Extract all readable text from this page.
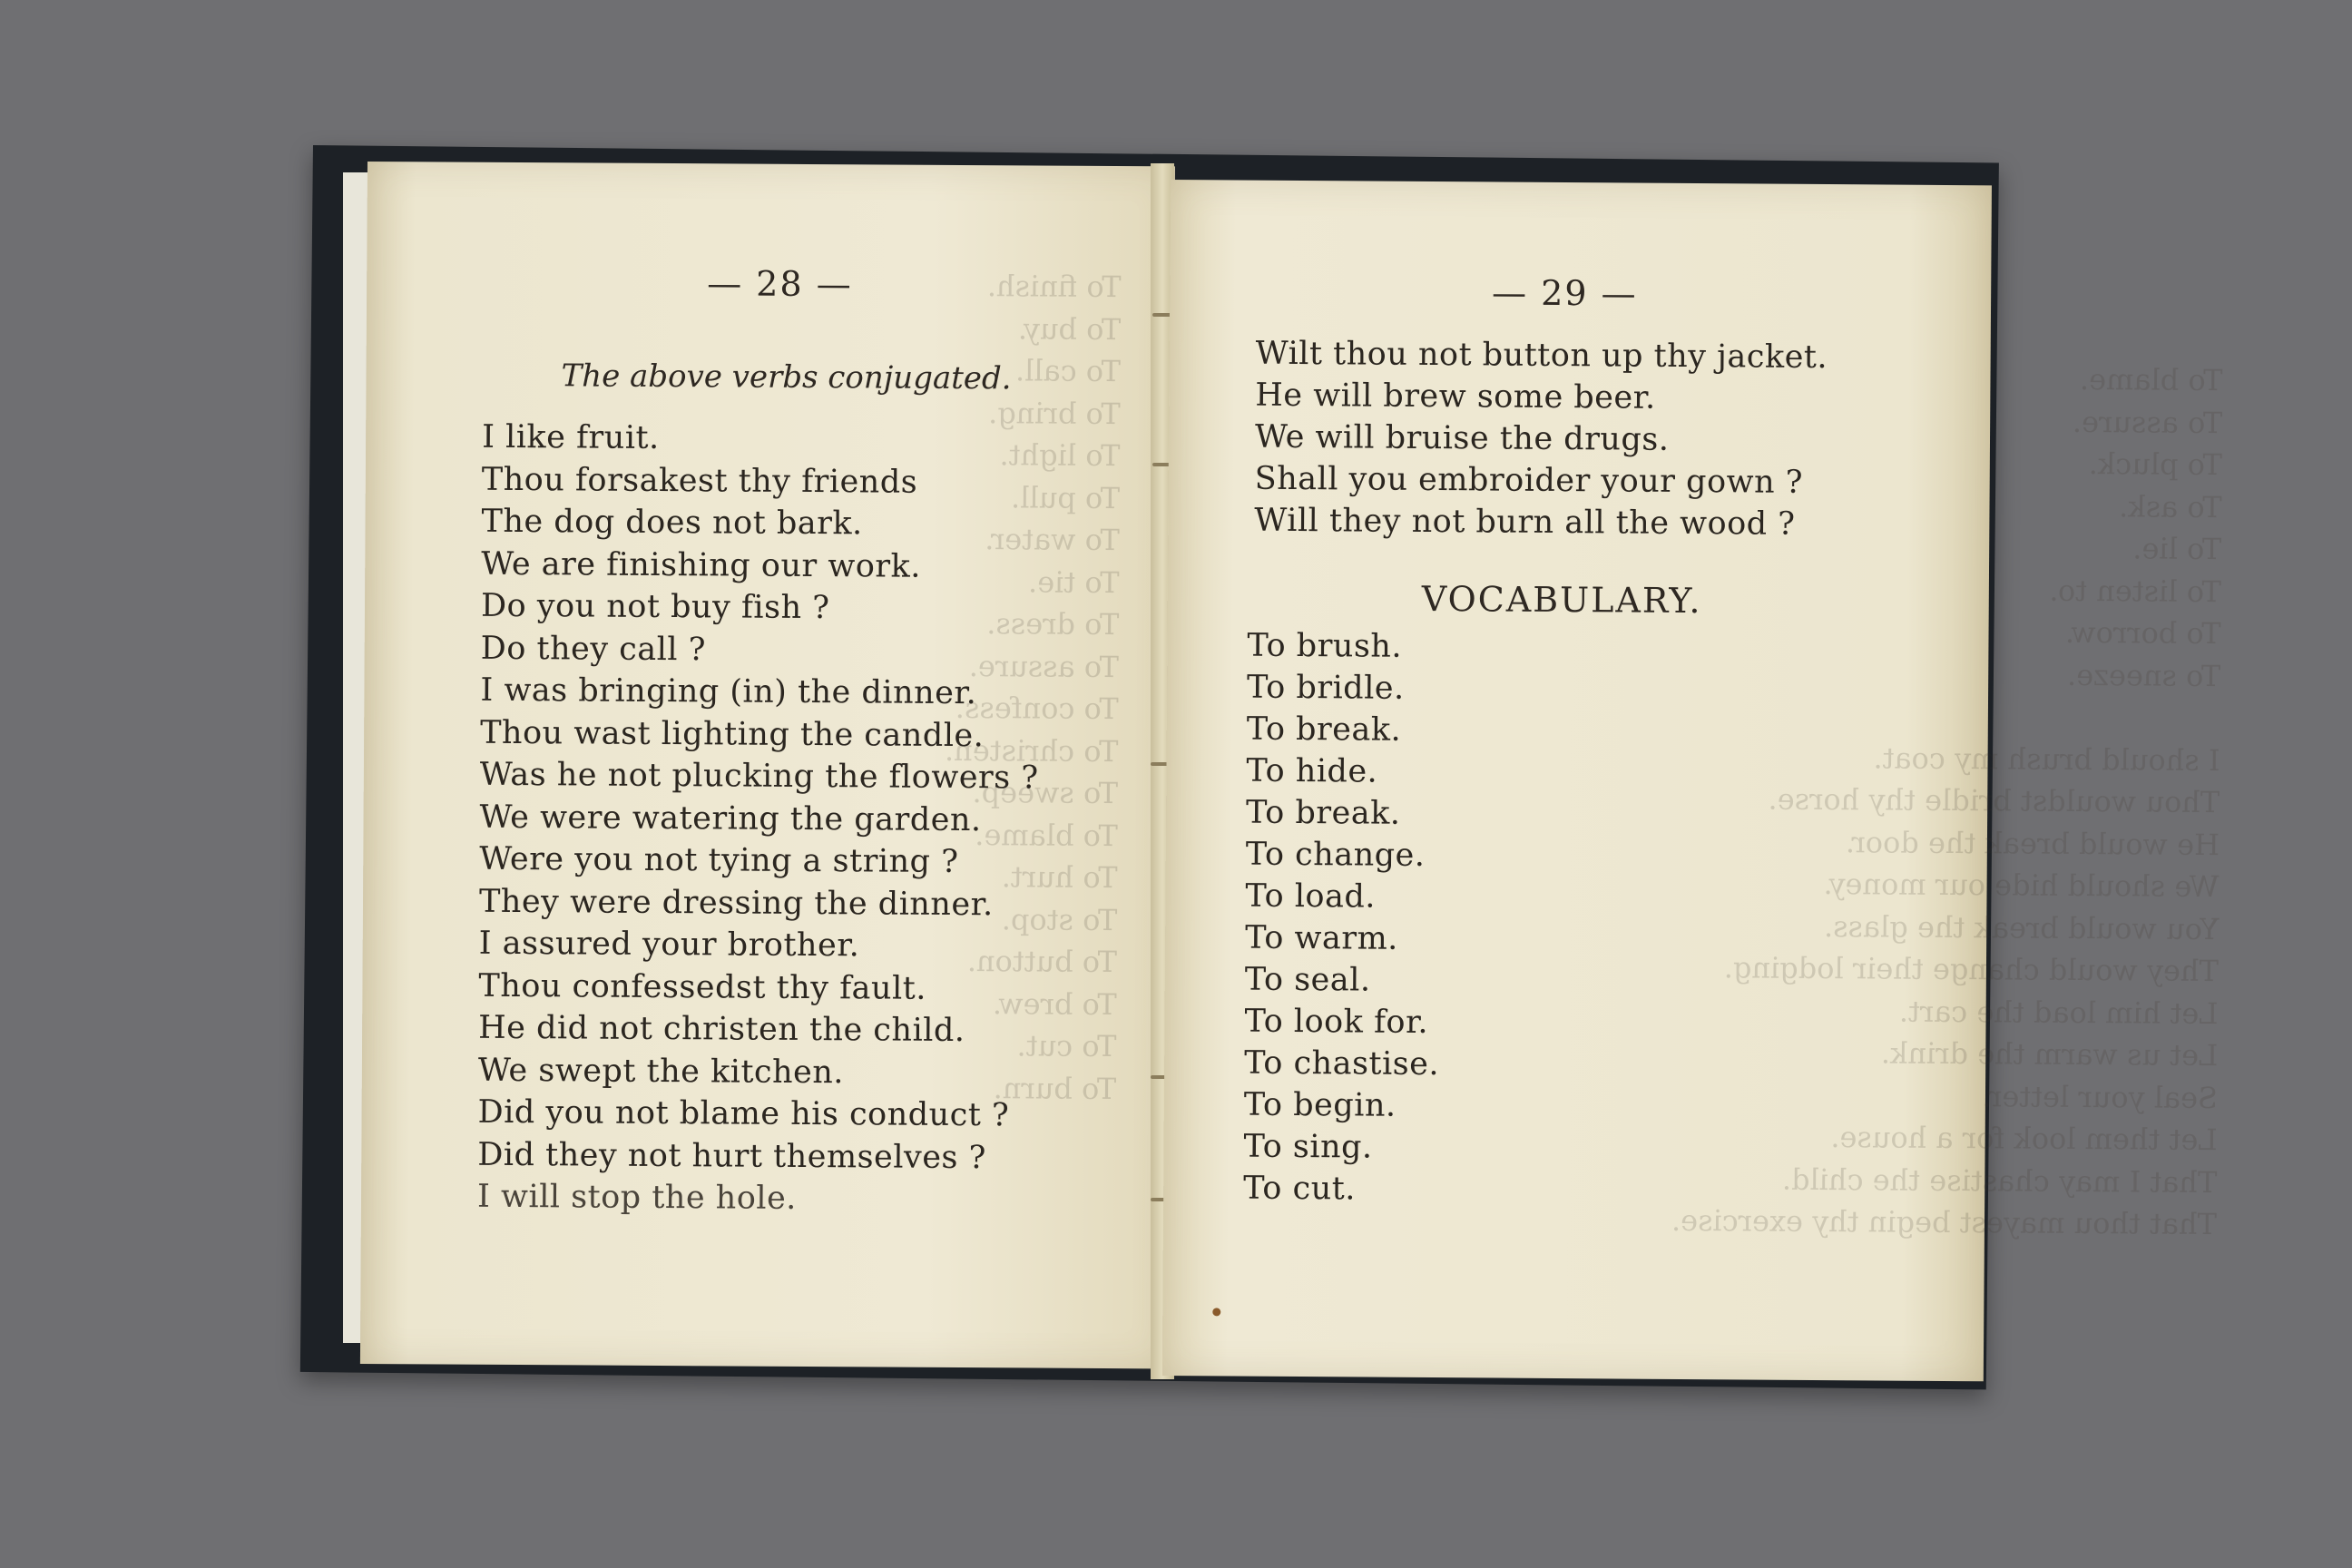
To finish.
To buy.
To call.
To bring.
To light.
To pull.
To water.
To tie.
To dress.
To assure.
To confess.
To christen.
To sweep.
To blame.
To hurt.
To stop.
To button.
To brew.
To cut.
To burn.
— 28 —
The above verbs conjugated.
I like fruit.
Thou forsakest thy friends
The dog does not bark.
We are finishing our work.
Do you not buy fish ?
Do they call ?
I was bringing (in) the dinner.
Thou wast lighting the candle.
Was he not plucking the flowers ?
We were watering the garden.
Were you not tying a string ?
They were dressing the dinner.
I assured your brother.
Thou confessedst thy fault.
He did not christen the child.
We swept the kitchen.
Did you not blame his conduct ?
Did they not hurt themselves ?
I will stop the hole.
To blame.
To assure.
To pluck.
To ask.
To lie.
To listen to.
To borrow.
To sneeze.

I should brush my coat.
Thou wouldst bridle thy horse.
He would break the door.
We should hide our money.
You would break the glass.
They would change their lodging.
Let him load the cart.
Let us warm the drink.
Seal your letter.
Let them look for a house.
That I may chastise the child.
That thou mayest begin thy exercise.
— 29 —
Wilt thou not button up thy jacket.
He will brew some beer.
We will bruise the drugs.
Shall you embroider your gown ?
Will they not burn all the wood ?
VOCABULARY.
To brush.
To bridle.
To break.
To hide.
To break.
To change.
To load.
To warm.
To seal.
To look for.
To chastise.
To begin.
To sing.
To cut.
